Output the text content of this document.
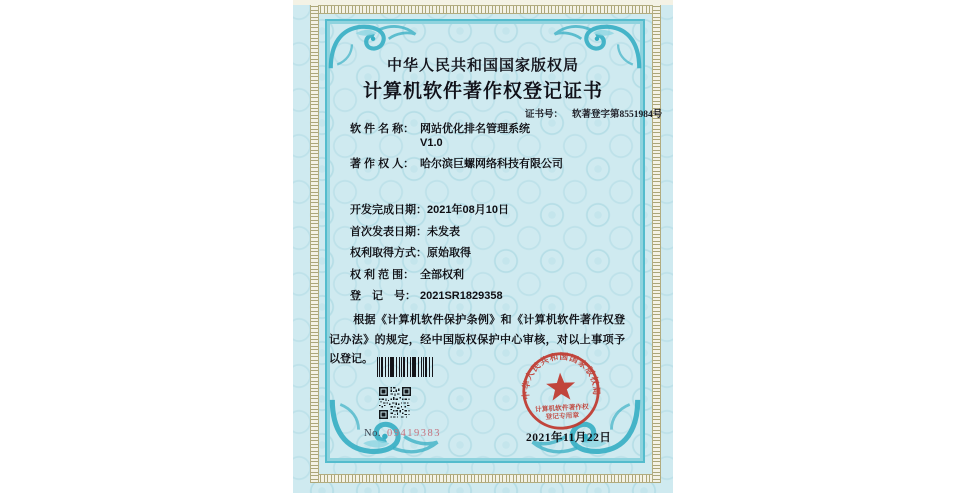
中华人民共和国国家版权局
计算机软件著作权登记证书
证书号： 软著登字第8551984号
软 件 名 称： 网站优化排名管理系统
V1.0
著 作 权 人： 哈尔滨巨螺网络科技有限公司
开发完成日期：2021年08月10日
首次发表日期：未发表
权利取得方式：原始取得
权 利 范 围： 全部权利
登　记　号： 2021SR1829358
根据《计算机软件保护条例》和《计算机软件著作权登记办法》的规定，经中国版权保护中心审核，对以上事项予以登记。
No. 09419383
中华人民共和国国家版权局
计算机软件著作权
登记专用章
2021年11月22日
